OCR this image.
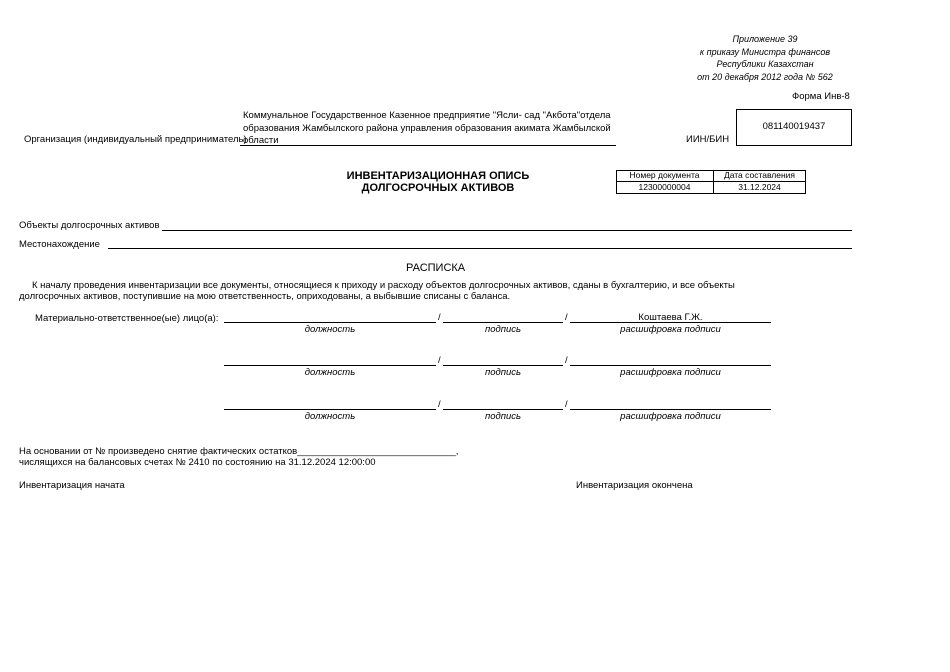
Приложение 39
к приказу Министра финансов
Республики Казахстан
от 20 декабря 2012 года № 562
Форма Инв-8
Организация (индивидуальный предприниматель)
Коммунальное Государственное Казенное предприятие "Ясли- сад "Акбота"отдела
образования Жамбылского района управления образования акимата Жамбылской
области	ИИН/БИН
081140019437
ИНВЕНТАРИЗАЦИОННАЯ ОПИСЬ
ДОЛГОСРОЧНЫХ АКТИВОВ
Номер документа	Дата составления
12300000004	31.12.2024
Объекты долгосрочных активов
Местонахождение
РАСПИСКА
К началу проведения инвентаризации все документы, относящиеся к приходу и расходу объектов долгосрочных активов, сданы в бухгалтерию, и все объекты
долгосрочных активов, поступившие на мою ответственность, оприходованы, а выбывшие списаны с баланса.
Материально-ответственное(ые) лицо(а):	/	/	Коштаева Г.Ж.
должность	подпись	расшифровка подписи
/	/
должность	подпись	расшифровка подписи
/	/
должность	подпись	расшифровка подписи
На основании от № произведено снятие фактических остатков______________________________,
числящихся на балансовых счетах № 2410 по состоянию на 31.12.2024 12:00:00
Инвентаризация начата	Инвентаризация окончена
